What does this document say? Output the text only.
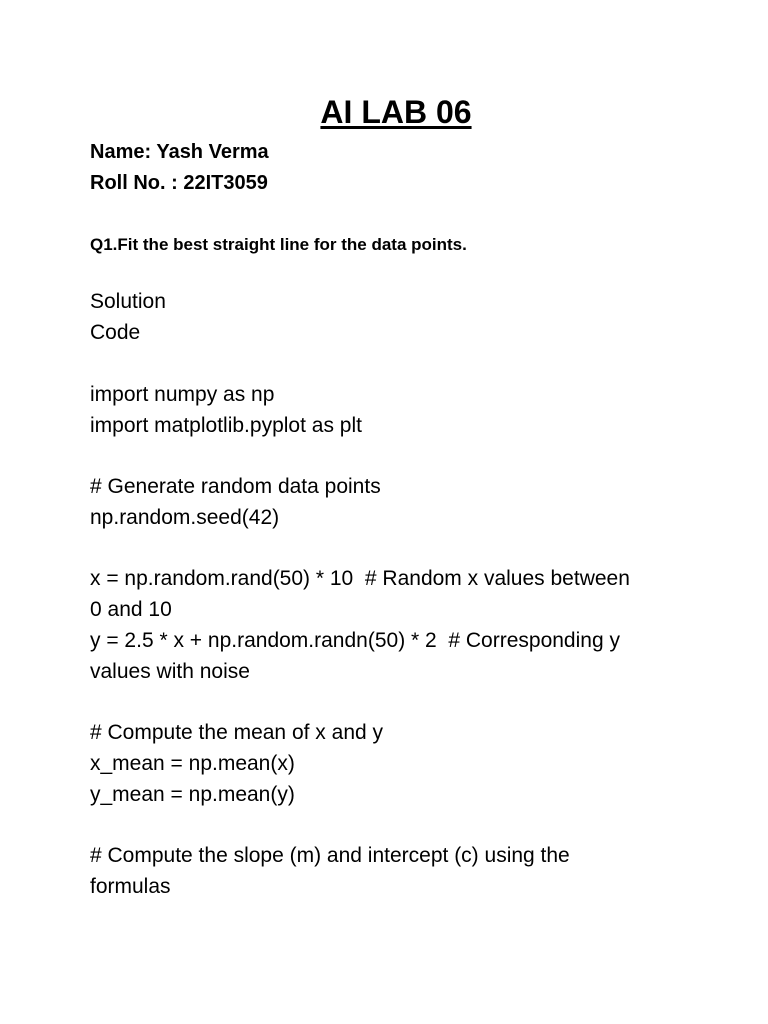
AI LAB 06
Name: Yash Verma
Roll No. : 22IT3059
Q1.Fit the best straight line for the data points.
Solution
Code
import numpy as np
import matplotlib.pyplot as plt
# Generate random data points
np.random.seed(42)
x = np.random.rand(50) * 10  # Random x values between
0 and 10
y = 2.5 * x + np.random.randn(50) * 2  # Corresponding y
values with noise
# Compute the mean of x and y
x_mean = np.mean(x)
y_mean = np.mean(y)
# Compute the slope (m) and intercept (c) using the
formulas
